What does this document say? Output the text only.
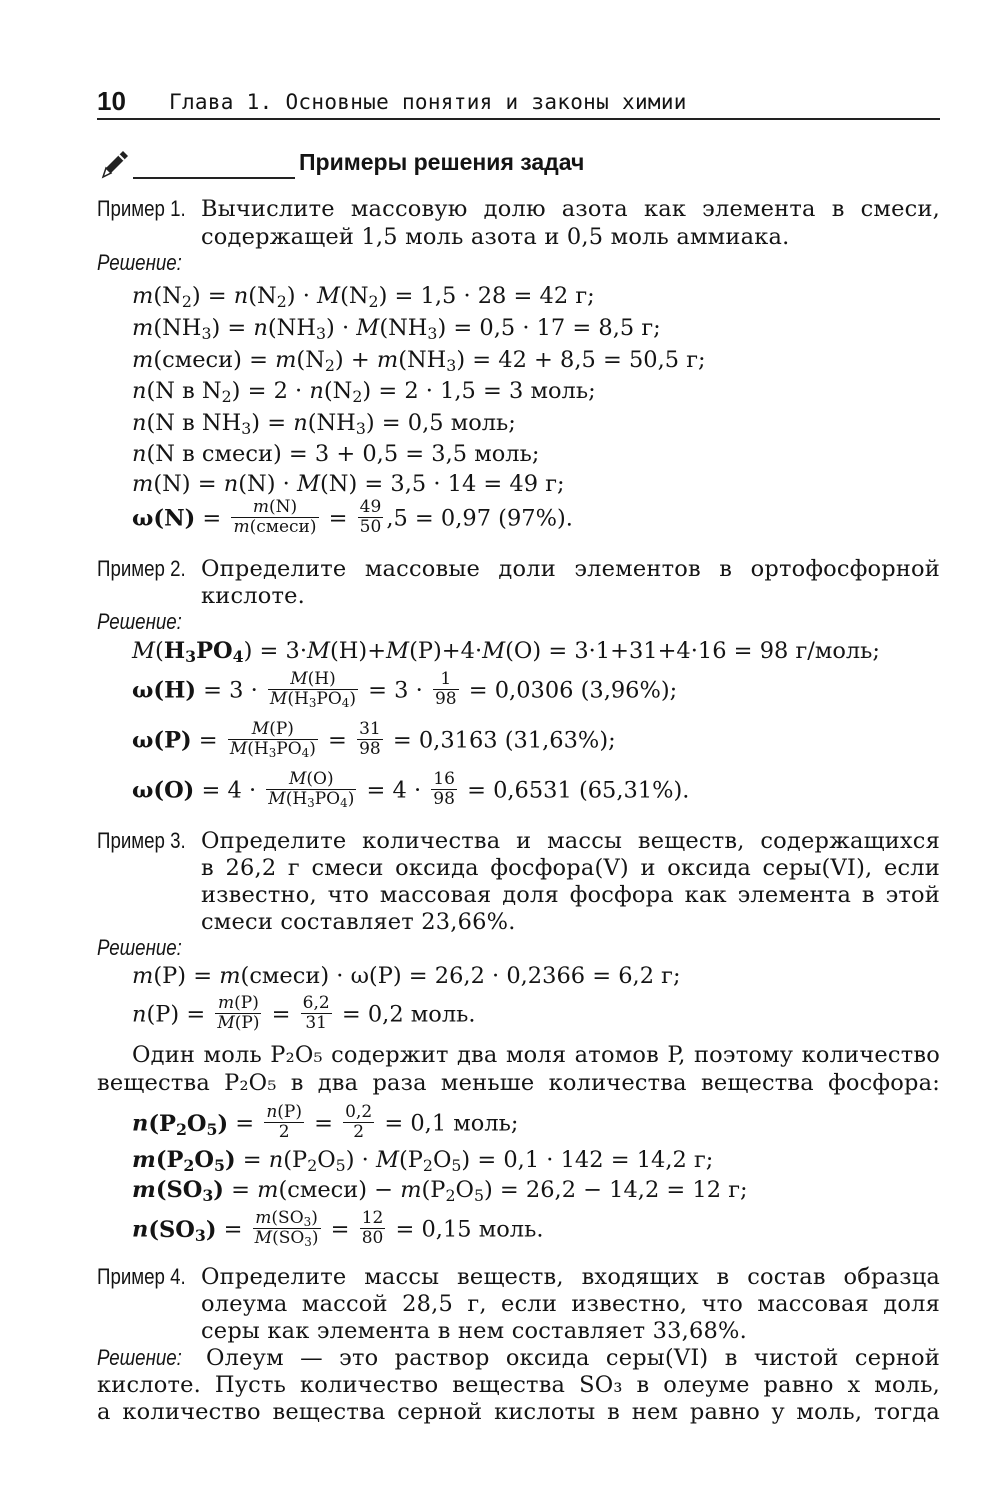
10 Глава 1. Основные понятия и законы химии
Примеры решения задач
Пример 1. Вычислите массовую долю азота как элемента в смеси,
содержащей 1,5 моль азота и 0,5 моль аммиака.
Решение:
$m(N_2) = n(N_2) \cdot M(N_2) = 1,5 \cdot 28 = 42$ г;
$m(NH_3) = n(NH_3) \cdot M(NH_3) = 0,5 \cdot 17 = 8,5$ г;
m(смеси) = $m(N_2) + m(NH_3) = 42 + 8,5 = 50,5$ г;
n(N в $N_2) = 2 \cdot n(N_2) = 2 \cdot 1,5 = 3$ моль;
n(N в $NH_3) = n(NH_3) = 0,5$ моль;
n(N в смеси) = 3 + 0,5 = 3,5 моль;
m(N) = n(N) · M(N) = 3,5 · 14 = 49 г;
$\omega(N) = \frac{m(N)}{\text{m(смеси)}} = \frac{49}{50} ,5 = 0,97$ (97%).
Пример 2. Определите массовые доли элементов в ортофосфорной
кислоте.
Решение:
$M(H_3PO_4) = 3\cdot M(H)+M(P)+4\cdot M(O) = 3\cdot 1+31+4\cdot 16 = 98$ г/моль;
$\omega(H) = 3 \cdot \frac{M(H)}{M(H_3PO_4)} = 3 \cdot \frac{1}{98} = 0,0306$ (3,96%);
$\omega(P) = \frac{M(P)}{M(H_3PO_4)} = \frac{31}{98} = 0,3163$ (31,63%);
$\omega(O) = 4 \cdot \frac{M(O)}{M(H_3PO_4)} = 4 \cdot \frac{16}{98} = 0,6531$ (65,31%).
Пример 3. Определите количества и массы веществ, содержащихся
в 26,2 г смеси оксида фосфора(V) и оксида серы(VI), если
известно, что массовая доля фосфора как элемента в этой
смеси составляет 23,66%.
Решение:
m(P) = m(смеси) · ω(P) = 26,2 · 0,2366 = 6,2 г;
$n(P) = \frac{m(P)}{M(P)} = \frac{6,2}{31} = 0,2$ моль.
Один моль P₂O₅ содержит два моля атомов P, поэтому количество
вещества P₂O₅ в два раза меньше количества вещества фосфора:
$n(P_2O_5) = \frac{n(P)}{2} = \frac{0,2}{2} = 0,1$ моль;
$m(P_2O_5) = n(P_2O_5) \cdot M(P_2O_5) = 0,1 \cdot 142 = 14,2$ г;
$m(SO_3)$ = m(смеси) − $m(P_2O_5) = 26,2 - 14,2 = 12$ г;
$n(SO_3) = \frac{m(SO_3)}{M(SO_3)} = \frac{12}{80} = 0,15$ моль.
Пример 4. Определите массы веществ, входящих в состав образца
олеума массой 28,5 г, если известно, что массовая доля
серы как элемента в нем составляет 33,68%.
Решение: Олеум — это раствор оксида серы(VI) в чистой серной
кислоте. Пусть количество вещества SO₃ в олеуме равно x моль,
а количество вещества серной кислоты в нем равно y моль, тогда
